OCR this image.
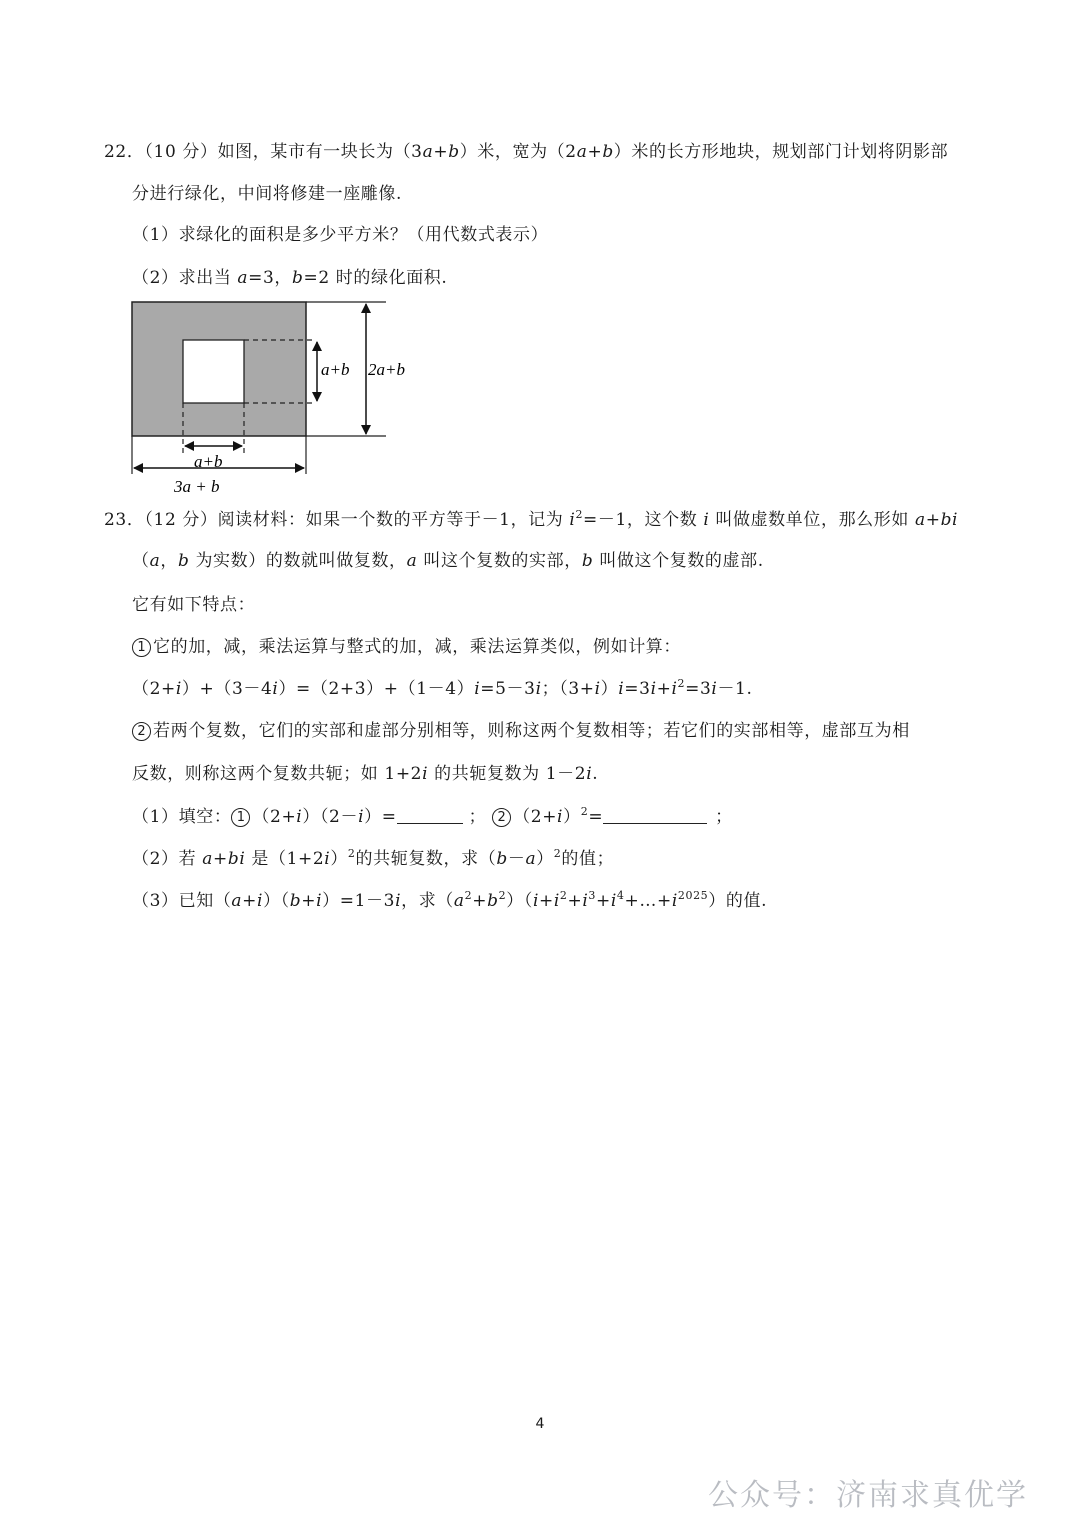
22．（10 分）如图，某市有一块长为（3a+b）米，宽为（2a+b）米的长方形地块，规划部门计划将阴影部
分进行绿化，中间将修建一座雕像.
（1）求绿化的面积是多少平方米？（用代数式表示）
（2）求出当 a=3，b=2 时的绿化面积.
a+b 2a+b
a+b
3a + b
23．（12 分）阅读材料：如果一个数的平方等于－1，记为 $i^2=-1$，这个数 i 叫做虚数单位，那么形如 a+bi
（a，b 为实数）的数就叫做复数，a 叫这个复数的实部，b 叫做这个复数的虚部.
它有如下特点：
1 它的加，减，乘法运算与整式的加，减，乘法运算类似，例如计算：
（2+i）+（3－4i）=（2+3）+（1－4）i=5－3i；$(3+i)i=3i+i^2=3i-1$.
2 若两个复数，它们的实部和虚部分别相等，则称这两个复数相等；若它们的实部相等，虚部互为相
反数，则称这两个复数共轭；如 1+2i 的共轭复数为 1－2i.
（1）填空： 1 （2+i）（2－i）=	； 2 $(2+i)^2=$	；
（2）若 a+bi 是$(1+2i)^2$的共轭复数，求$(b-a)^2$的值；
（3）已知（a+i）（b+i）=1－3i，求$(a^2+b^2)(i+i^2+i^3+i^4+\dots+i^{2025})$的值.
4
公众号：济南求真优学
